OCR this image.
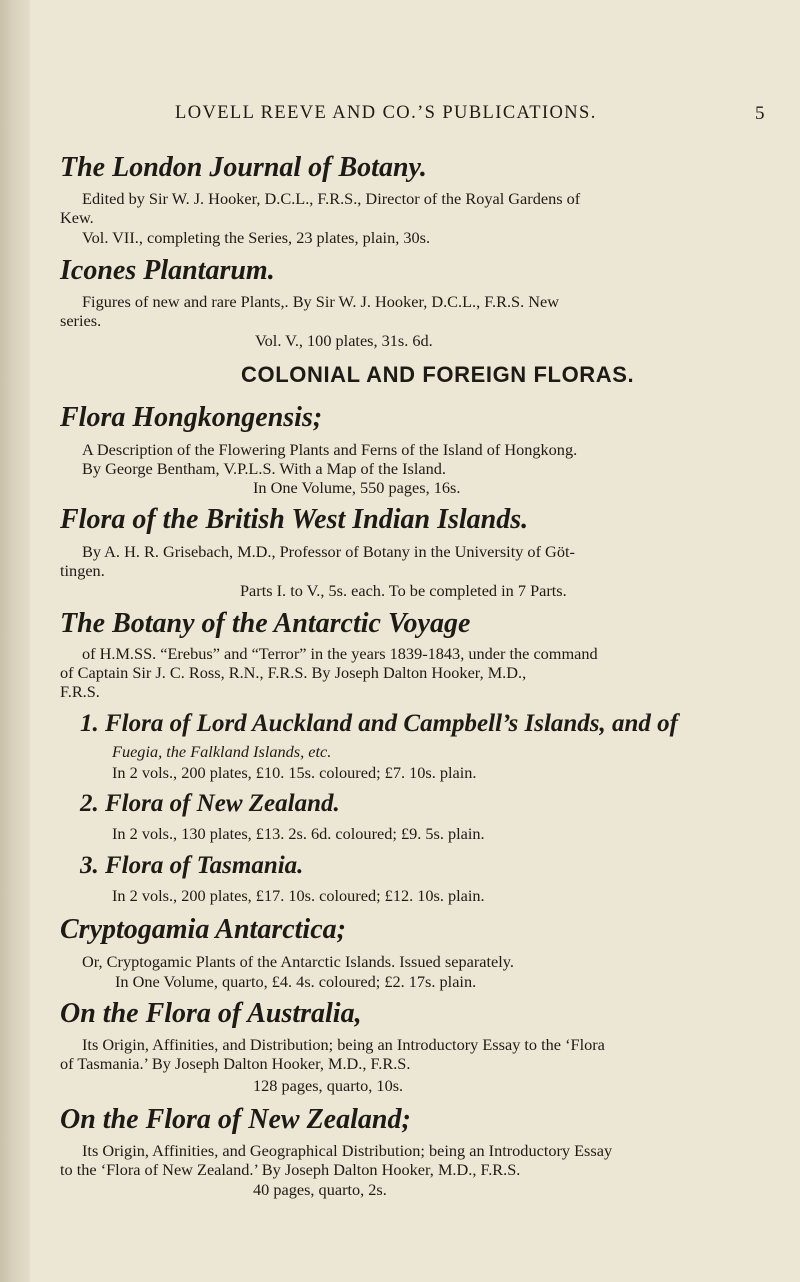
LOVELL REEVE AND CO.’S PUBLICATIONS.	5
The London Journal of Botany.
Edited by Sir W. J. Hooker, D.C.L., F.R.S., Director of the Royal Gardens of
Kew.
Vol. VII., completing the Series, 23 plates, plain, 30s.
Icones Plantarum.
Figures of new and rare Plants,. By Sir W. J. Hooker, D.C.L., F.R.S. New
series.
Vol. V., 100 plates, 31s. 6d.
COLONIAL AND FOREIGN FLORAS.
Flora Hongkongensis;
A Description of the Flowering Plants and Ferns of the Island of Hongkong.
By George Bentham, V.P.L.S. With a Map of the Island.
In One Volume, 550 pages, 16s.
Flora of the British West Indian Islands.
By A. H. R. Grisebach, M.D., Professor of Botany in the University of Göt-
tingen.
Parts I. to V., 5s. each. To be completed in 7 Parts.
The Botany of the Antarctic Voyage
of H.M.SS. “Erebus” and “Terror” in the years 1839-1843, under the command
of Captain Sir J. C. Ross, R.N., F.R.S. By Joseph Dalton Hooker, M.D.,
F.R.S.
1. Flora of Lord Auckland and Campbell’s Islands, and of
Fuegia, the Falkland Islands, etc.
In 2 vols., 200 plates, £10. 15s. coloured; £7. 10s. plain.
2. Flora of New Zealand.
In 2 vols., 130 plates, £13. 2s. 6d. coloured; £9. 5s. plain.
3. Flora of Tasmania.
In 2 vols., 200 plates, £17. 10s. coloured; £12. 10s. plain.
Cryptogamia Antarctica;
Or, Cryptogamic Plants of the Antarctic Islands. Issued separately.
In One Volume, quarto, £4. 4s. coloured; £2. 17s. plain.
On the Flora of Australia,
Its Origin, Affinities, and Distribution; being an Introductory Essay to the ‘Flora
of Tasmania.’ By Joseph Dalton Hooker, M.D., F.R.S.
128 pages, quarto, 10s.
On the Flora of New Zealand;
Its Origin, Affinities, and Geographical Distribution; being an Introductory Essay
to the ‘Flora of New Zealand.’ By Joseph Dalton Hooker, M.D., F.R.S.
40 pages, quarto, 2s.
